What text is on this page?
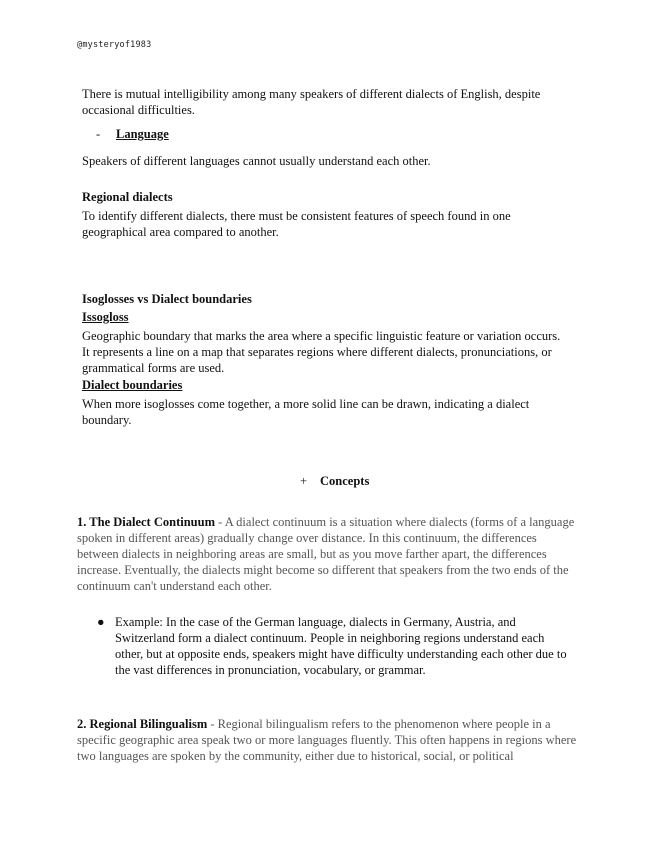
@mysteryof1983
There is mutual intelligibility among many speakers of different dialects of English, despite occasional difficulties.
- Language
Speakers of different languages cannot usually understand each other.
Regional dialects
To identify different dialects, there must be consistent features of speech found in one geographical area compared to another.
Isoglosses vs Dialect boundaries
Issogloss
Geographic boundary that marks the area where a specific linguistic feature or variation occurs. It represents a line on a map that separates regions where different dialects, pronunciations, or grammatical forms are used.
Dialect boundaries
When more isoglosses come together, a more solid line can be drawn, indicating a dialect boundary.
+ Concepts
1. The Dialect Continuum - A dialect continuum is a situation where dialects (forms of a language spoken in different areas) gradually change over distance. In this continuum, the differences between dialects in neighboring areas are small, but as you move farther apart, the differences increase. Eventually, the dialects might become so different that speakers from the two ends of the continuum can't understand each other.
● Example: In the case of the German language, dialects in Germany, Austria, and Switzerland form a dialect continuum. People in neighboring regions understand each other, but at opposite ends, speakers might have difficulty understanding each other due to the vast differences in pronunciation, vocabulary, or grammar.
2. Regional Bilingualism - Regional bilingualism refers to the phenomenon where people in a specific geographic area speak two or more languages fluently. This often happens in regions where two languages are spoken by the community, either due to historical, social, or political
